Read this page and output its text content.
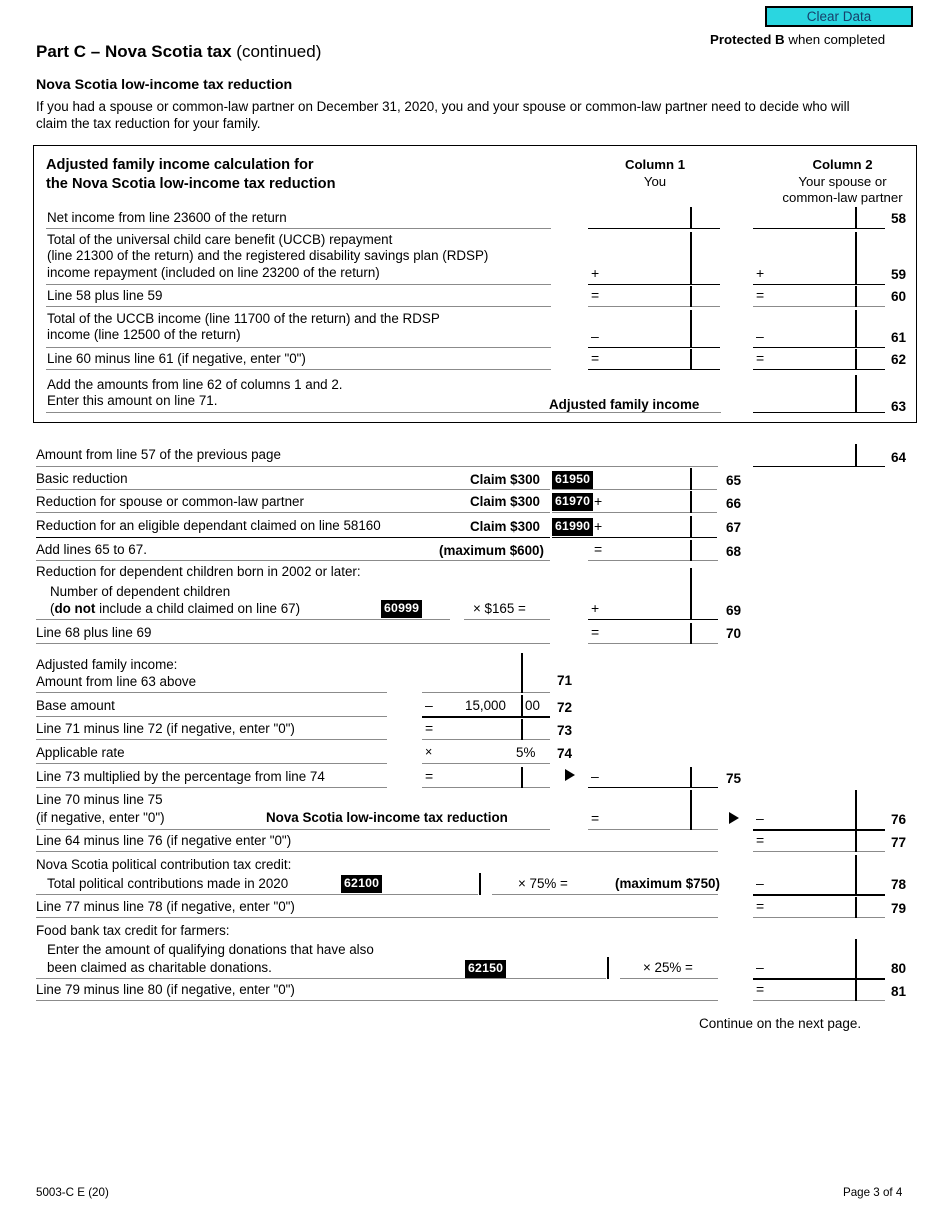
Clear Data
Protected B when completed
Part C – Nova Scotia tax (continued)
Nova Scotia low-income tax reduction
If you had a spouse or common-law partner on December 31, 2020, you and your spouse or common-law partner need to decide who will claim the tax reduction for your family.
Adjusted family income calculation for
the Nova Scotia low-income tax reduction
Column 1
You
Column 2
Your spouse or
common-law partner
Net income from line 23600 of the return	58
Total of the universal child care benefit (UCCB) repayment
(line 21300 of the return) and the registered disability savings plan (RDSP)
income repayment (included on line 23200 of the return)	+	+	59
Line 58 plus line 59	=	=	60
Total of the UCCB income (line 11700 of the return) and the RDSP
income (line 12500 of the return)	–	–	61
Line 60 minus line 61 (if negative, enter "0")	=	=	62
Add the amounts from line 62 of columns 1 and 2.
Enter this amount on line 71.	Adjusted family income	63
Amount from line 57 of the previous page	64
Basic reduction	Claim $300 61950	65
Reduction for spouse or common-law partner	Claim $300 61970 +	66
Reduction for an eligible dependant claimed on line 58160	Claim $300 61990 +	67
Add lines 65 to 67.	(maximum $600)	=	68
Reduction for dependent children born in 2002 or later:
Number of dependent children
(do not include a child claimed on line 67)	60999	× $165 =	+	69
Line 68 plus line 69	=	70
Adjusted family income:
Amount from line 63 above	71
Base amount	– 15,000 00 72
Line 71 minus line 72 (if negative, enter "0")	=	73
Applicable rate	×	5% 74
Line 73 multiplied by the percentage from line 74	=	–	75
Line 70 minus line 75
(if negative, enter "0")	Nova Scotia low-income tax reduction	=	–	76
Line 64 minus line 76 (if negative enter "0")	=	77
Nova Scotia political contribution tax credit:
Total political contributions made in 2020	62100	× 75% =	(maximum $750)	–	78
Line 77 minus line 78 (if negative, enter "0")	=	79
Food bank tax credit for farmers:
Enter the amount of qualifying donations that have also
been claimed as charitable donations.	62150	× 25% =	–	80
Line 79 minus line 80 (if negative, enter "0")	=	81
Continue on the next page.
5003-C E (20)	Page 3 of 4
